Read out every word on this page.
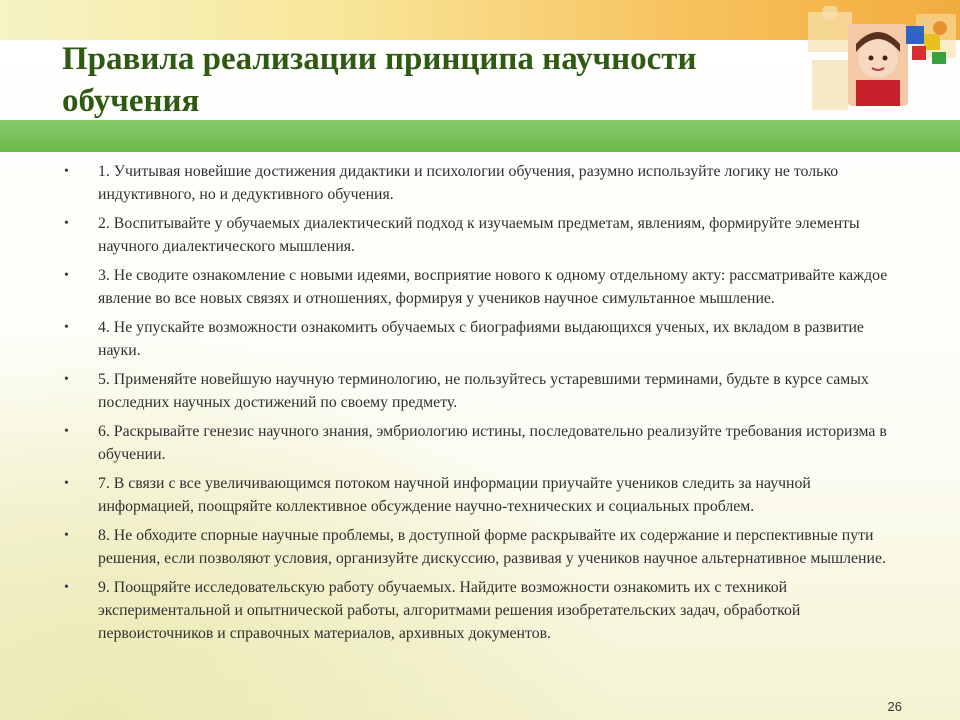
Правила реализации принципа научности обучения
• 1. Учитывая новейшие достижения дидактики и психологии обучения, разумно используйте логику не только индуктивного, но и дедуктивного обучения.
• 2. Воспитывайте у обучаемых диалектический подход к изучаемым предметам, явлениям, формируйте элементы научного диалектического мышления.
• 3. Не сводите ознакомление с новыми идеями, восприятие нового к одному отдельному акту: рассматривайте каждое явление во все новых связях и отношениях, формируя у учеников научное симультанное мышление.
• 4. Не упускайте возможности ознакомить обучаемых с биографиями выдающихся ученых, их вкладом в развитие науки.
• 5. Применяйте новейшую научную терминологию, не пользуйтесь устаревшими терминами, будьте в курсе самых последних научных достижений по своему предмету.
• 6. Раскрывайте генезис научного знания, эмбриологию истины, последовательно реализуйте требования историзма в обучении.
• 7. В связи с все увеличивающимся потоком научной информации приучайте учеников следить за научной информацией, поощряйте коллективное обсуждение научно-технических и социальных проблем.
• 8. Не обходите спорные научные проблемы, в доступной форме раскрывайте их содержание и перспективные пути решения, если позволяют условия, организуйте дискуссию, развивая у учеников научное альтернативное мышление.
• 9. Поощряйте исследовательскую работу обучаемых. Найдите возможности ознакомить их с техникой экспериментальной и опытнической работы, алгоритмами решения изобретательских задач, обработкой первоисточников и справочных материалов, архивных документов.
26
